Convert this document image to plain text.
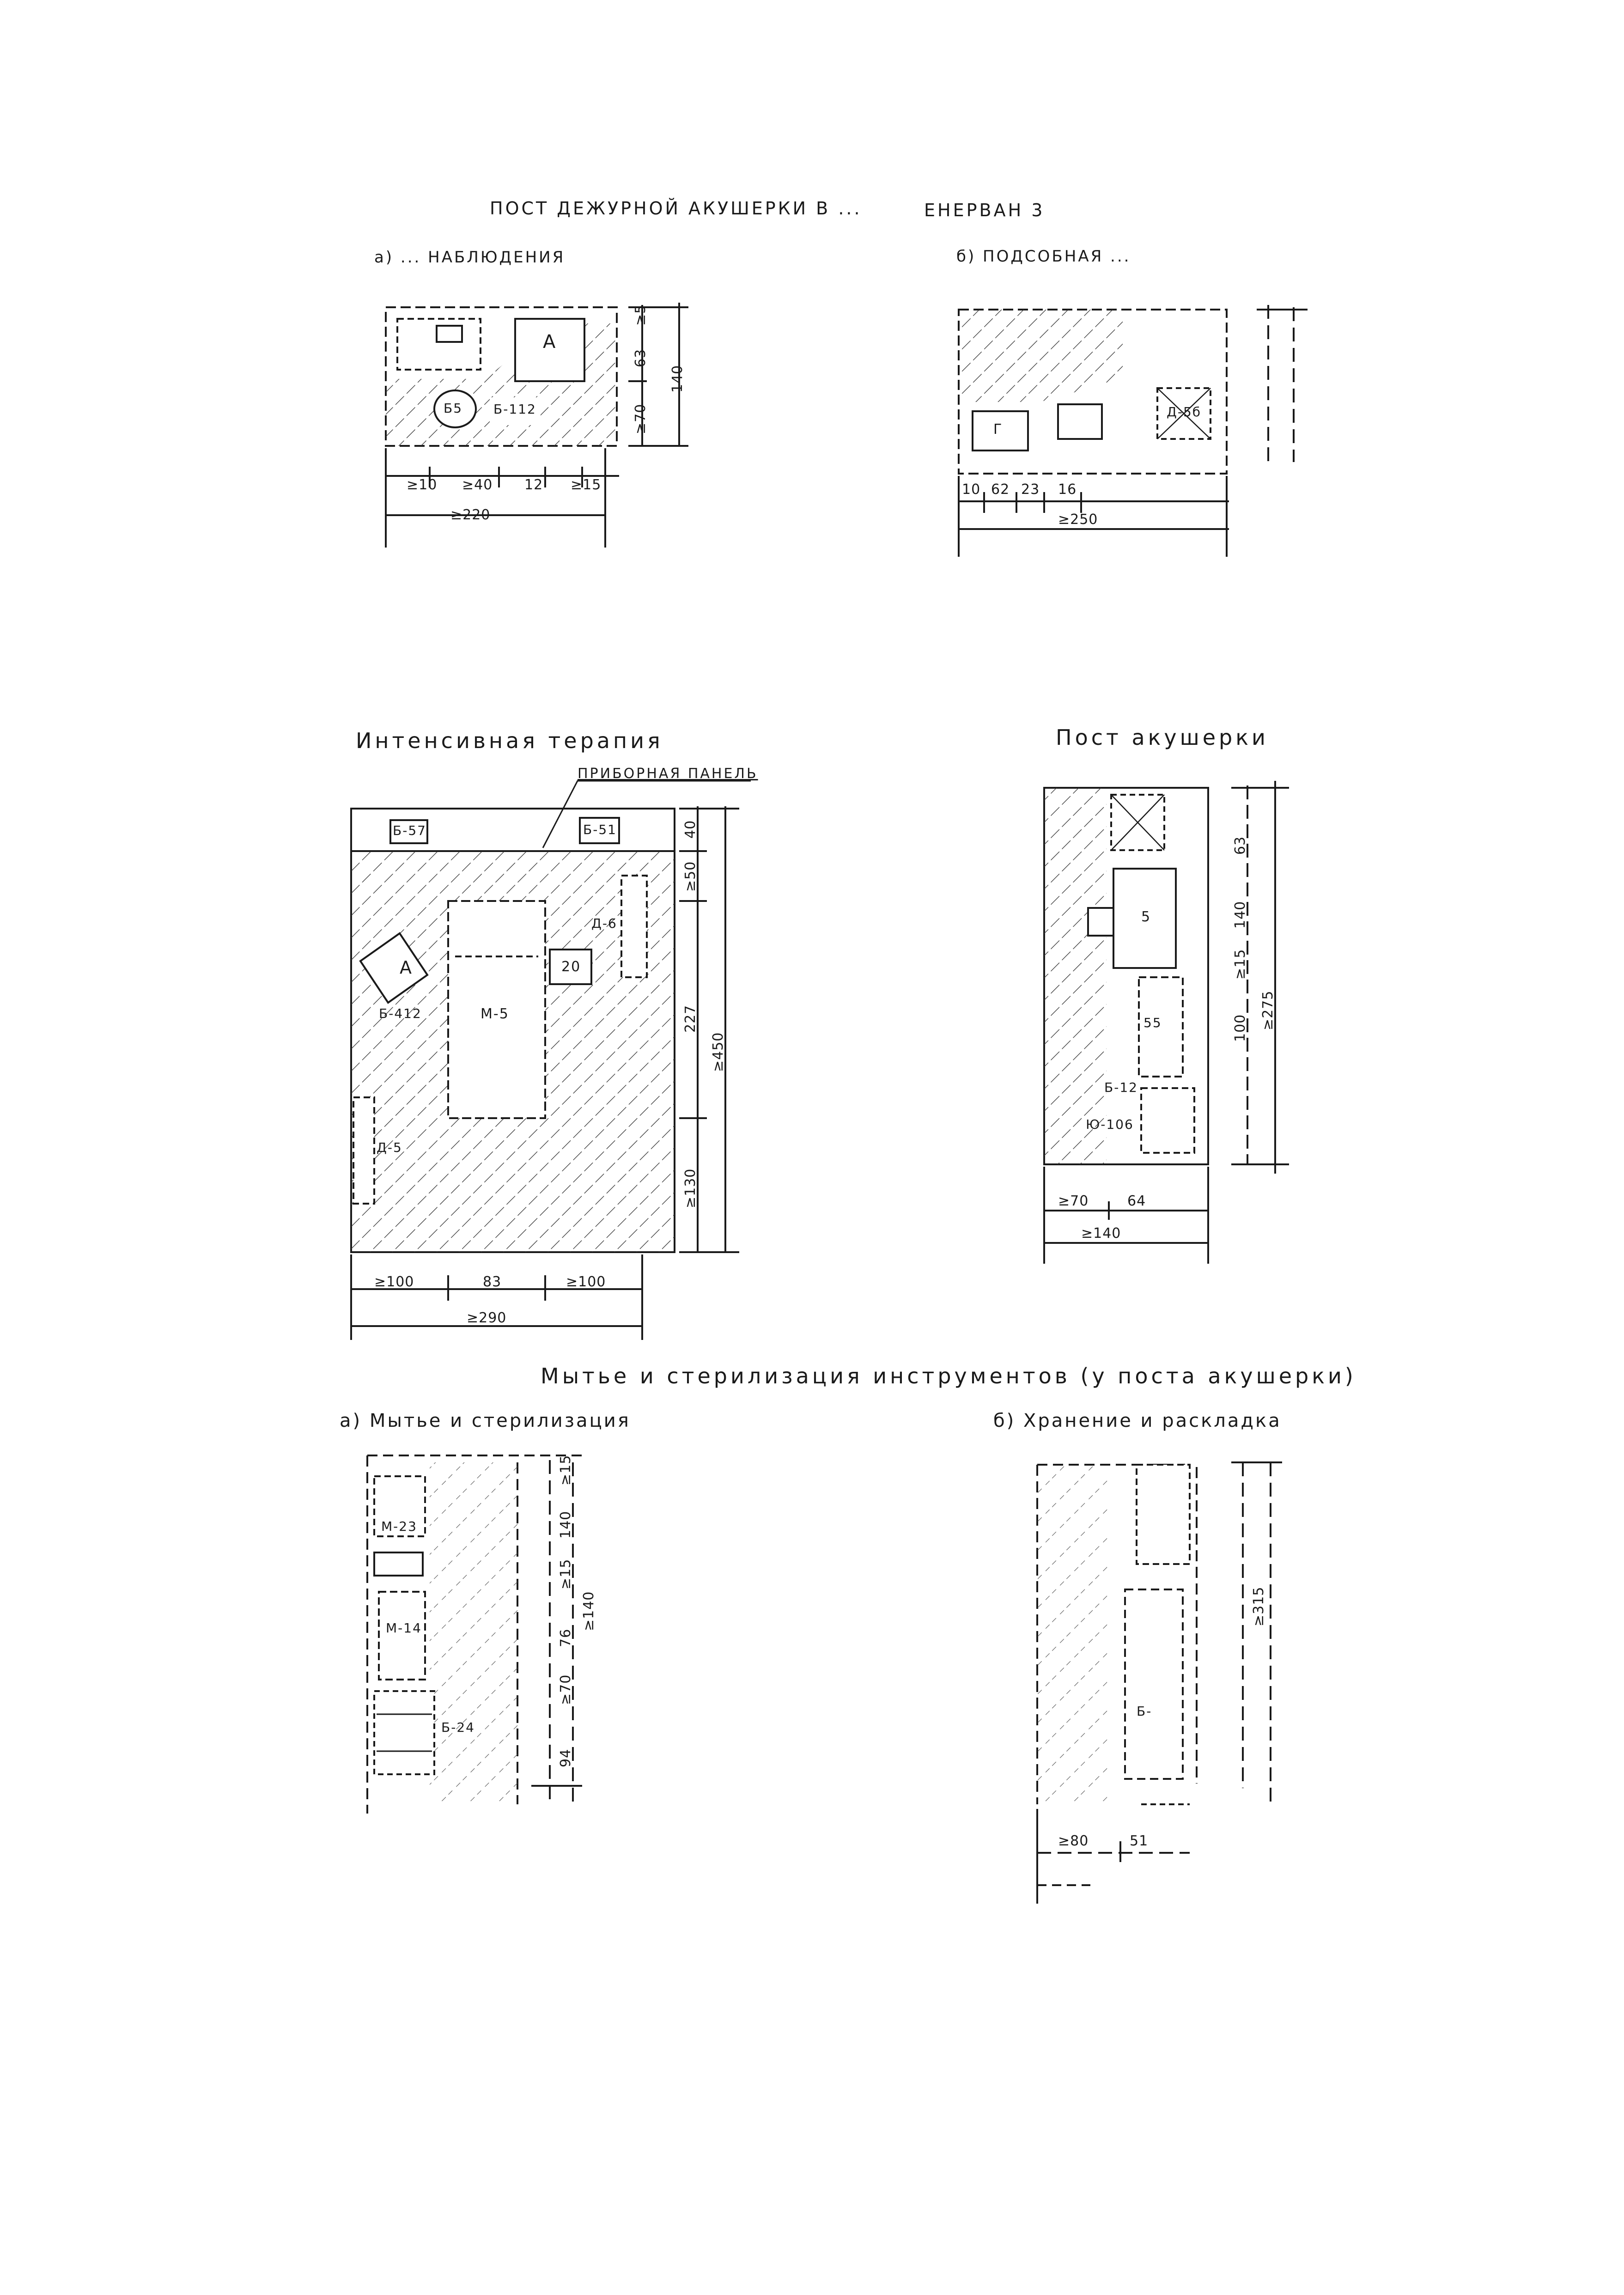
ПОСТ ДЕЖУРНОЙ АКУШЕРКИ В ...	ЕНЕРВАН 3
а) ... НАБЛЮДЕНИЯ	б) ПОДСОБНАЯ ...
А
Б-112
Б5
≥10 ≥40 12 ≥15
≥220
63
≥5
≥70
140
Г
Д-5б
10 62 23 16
≥250
Интенсивная терапия
ПРИБОРНАЯ ПАНЕЛЬ
Б-57	Б-51
А
Б-412	М-5
20
Д-6
Д-5
40
≥50
227
≥450
≥130
≥100	83	≥100
≥290
Пост акушерки
5
55
Б-12
Ю-106
63
140
≥15
100 ≥275
≥70	64
≥140
Мытье и стерилизация инструментов (у поста акушерки)
а) Мытье и стерилизация	б) Хранение и раскладка
М-23
М-14
Б-24
≥15
140
≥15
≥140
76
≥70
94
Б-
≥315
≥80	51
